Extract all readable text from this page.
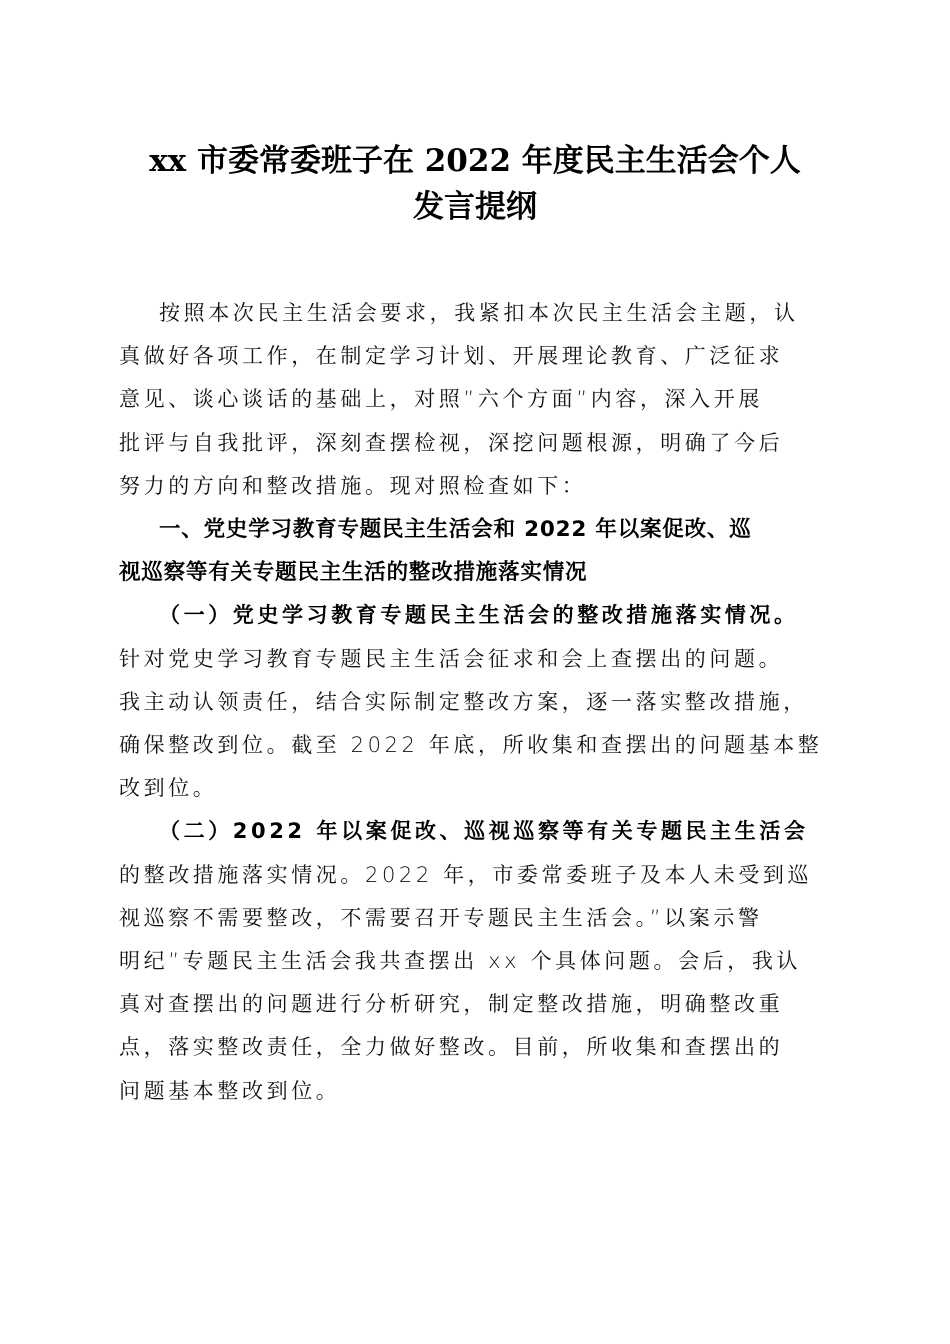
xx 市委常委班子在 2022 年度民主生活会个人
发言提纲

按照本次民主生活会要求，我紧扣本次民主生活会主题，认
真做好各项工作，在制定学习计划、开展理论教育、广泛征求
意见、谈心谈话的基础上，对照”六个方面”内容，深入开展
批评与自我批评，深刻查摆检视，深挖问题根源，明确了今后
努力的方向和整改措施。现对照检查如下：

一、党史学习教育专题民主生活会和 2022 年以案促改、巡
视巡察等有关专题民主生活的整改措施落实情况

（一）党史学习教育专题民主生活会的整改措施落实情况。
针对党史学习教育专题民主生活会征求和会上查摆出的问题。
我主动认领责任，结合实际制定整改方案，逐一落实整改措施，
确保整改到位。截至 2022 年底，所收集和查摆出的问题基本整
改到位。

（二）2022 年以案促改、巡视巡察等有关专题民主生活会
的整改措施落实情况。2022 年，市委常委班子及本人未受到巡
视巡察不需要整改，不需要召开专题民主生活会。”以案示警
明纪”专题民主生活会我共查摆出 xx 个具体问题。会后，我认
真对查摆出的问题进行分析研究，制定整改措施，明确整改重
点，落实整改责任，全力做好整改。目前，所收集和查摆出的
问题基本整改到位。
